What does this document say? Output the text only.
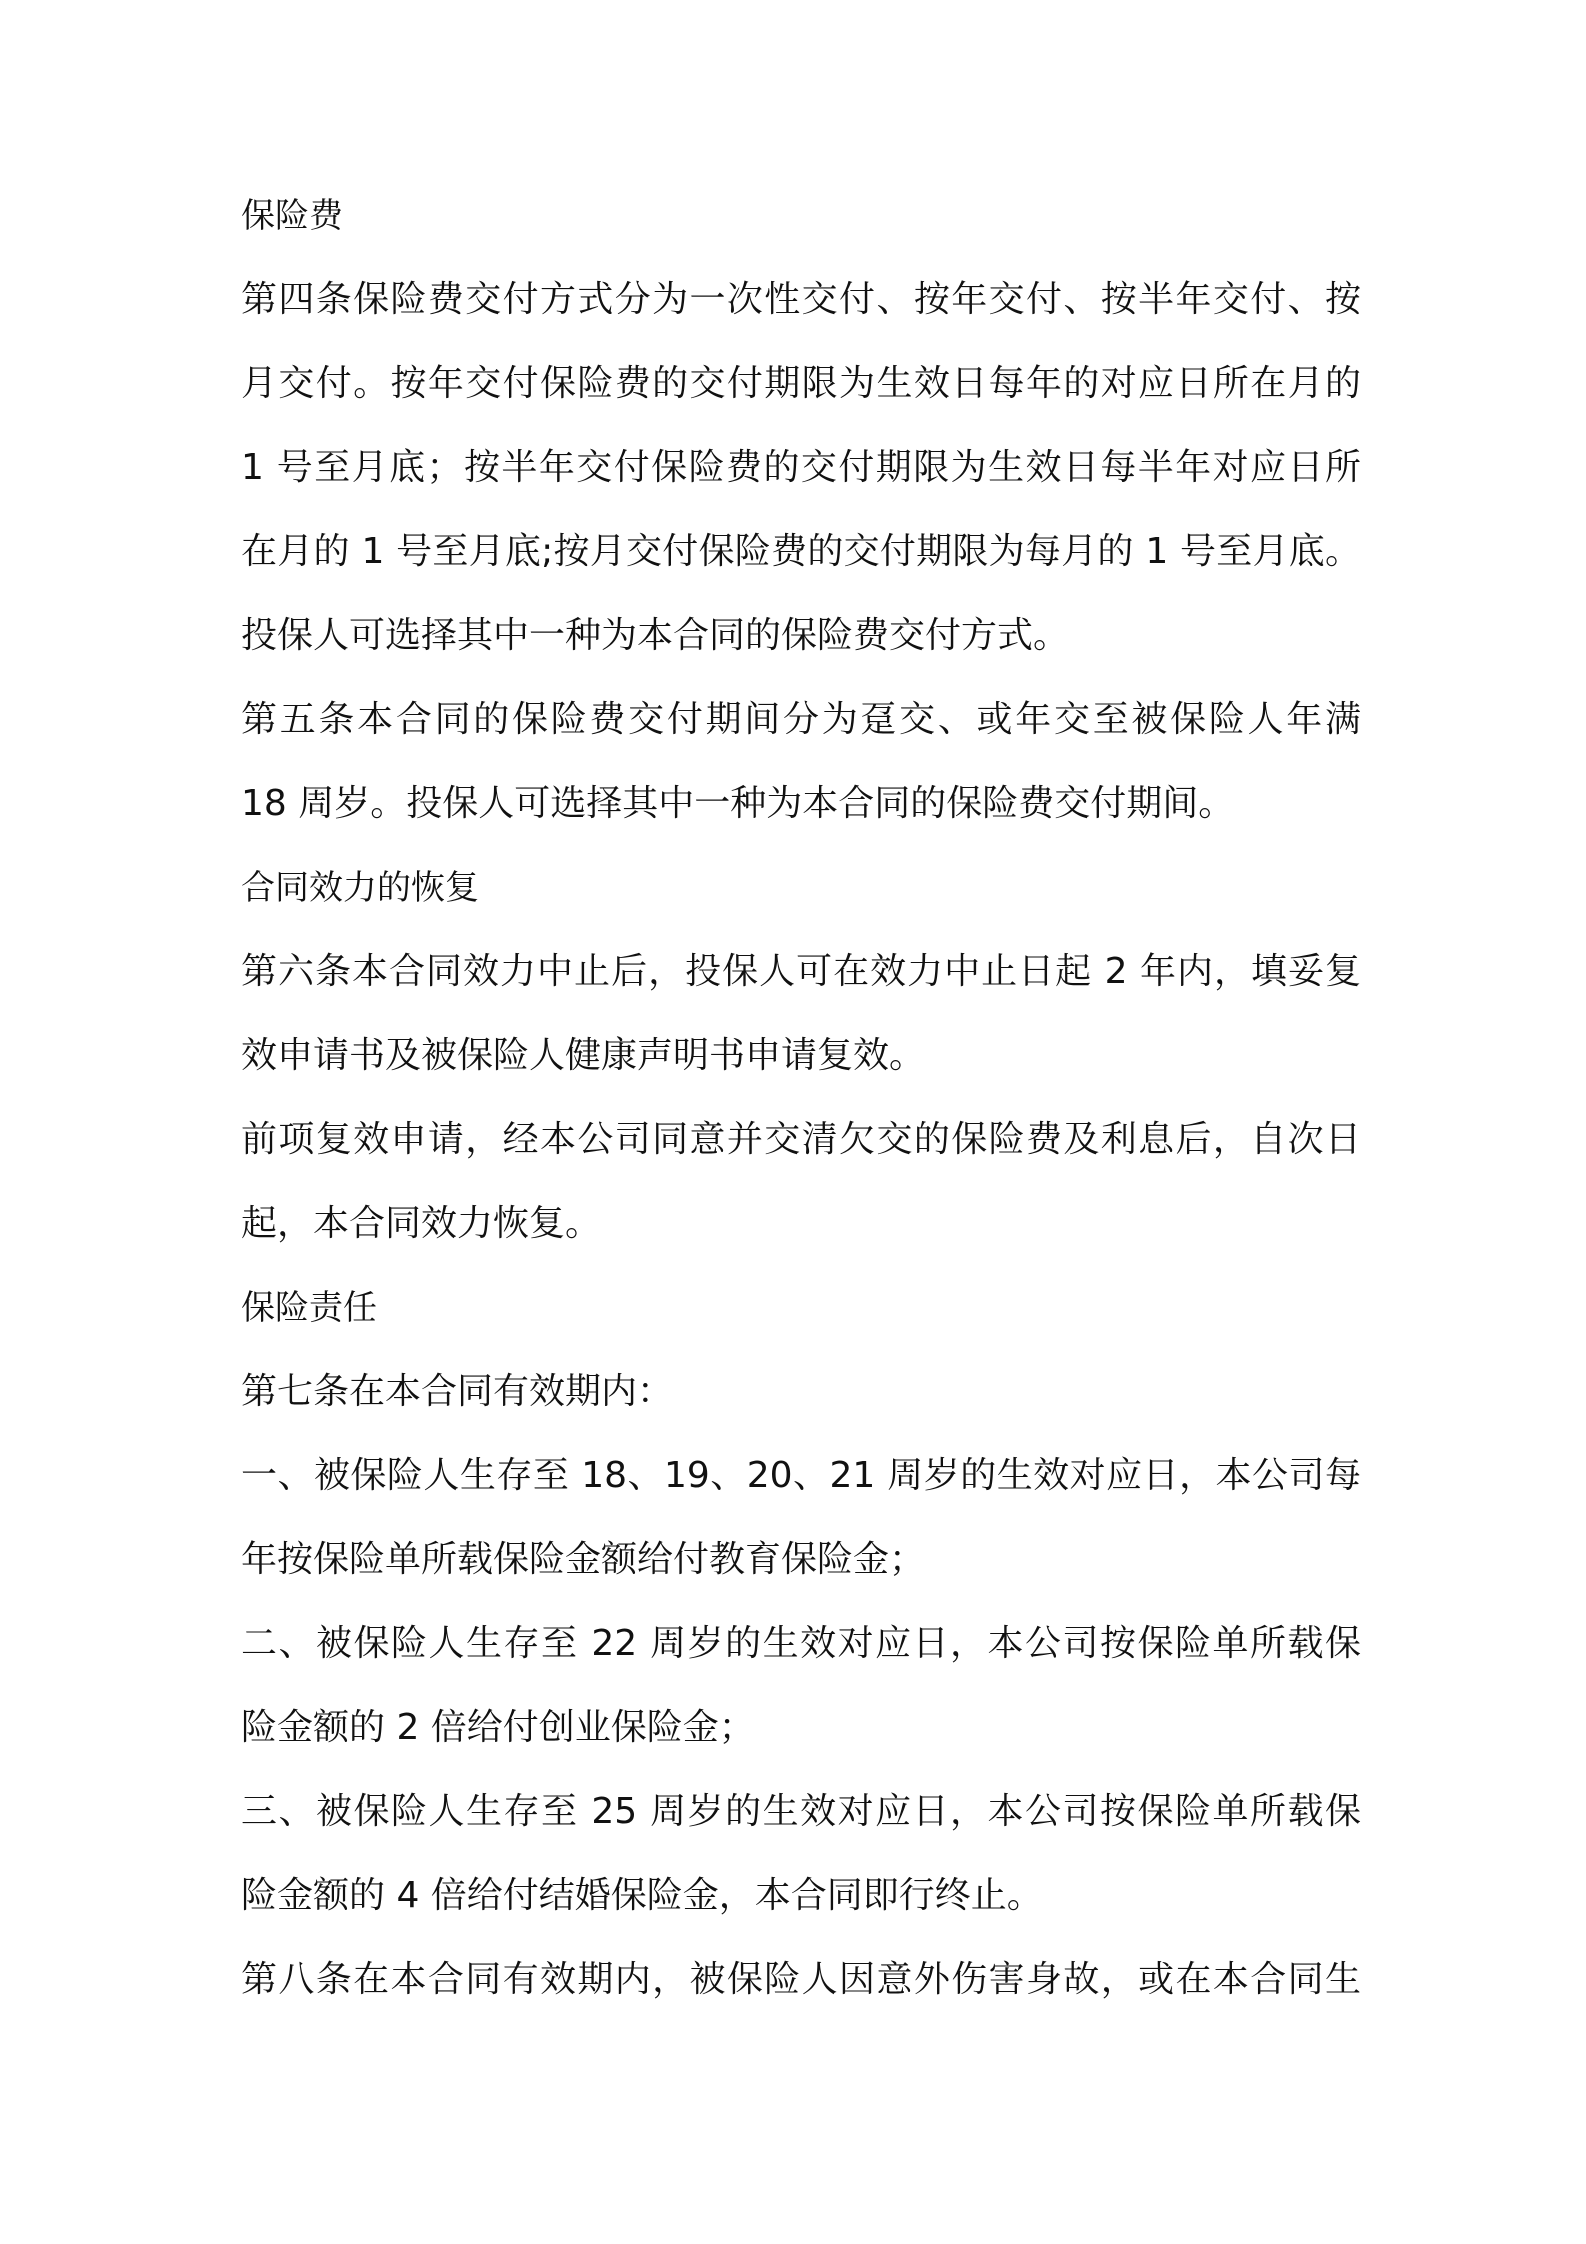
保险费
第四条保险费交付方式分为一次性交付、按年交付、按半年交付、按
月交付。按年交付保险费的交付期限为生效日每年的对应日所在月的
1 号至月底；按半年交付保险费的交付期限为生效日每半年对应日所
在月的 1 号至月底;按月交付保险费的交付期限为每月的 1 号至月底。
投保人可选择其中一种为本合同的保险费交付方式。
第五条本合同的保险费交付期间分为趸交、或年交至被保险人年满
18 周岁。投保人可选择其中一种为本合同的保险费交付期间。
合同效力的恢复
第六条本合同效力中止后，投保人可在效力中止日起 2 年内，填妥复
效申请书及被保险人健康声明书申请复效。
前项复效申请，经本公司同意并交清欠交的保险费及利息后，自次日
起，本合同效力恢复。
保险责任
第七条在本合同有效期内：
一、被保险人生存至 18、19、20、21 周岁的生效对应日，本公司每
年按保险单所载保险金额给付教育保险金；
二、被保险人生存至 22 周岁的生效对应日，本公司按保险单所载保
险金额的 2 倍给付创业保险金；
三、被保险人生存至 25 周岁的生效对应日，本公司按保险单所载保
险金额的 4 倍给付结婚保险金，本合同即行终止。
第八条在本合同有效期内，被保险人因意外伤害身故，或在本合同生
